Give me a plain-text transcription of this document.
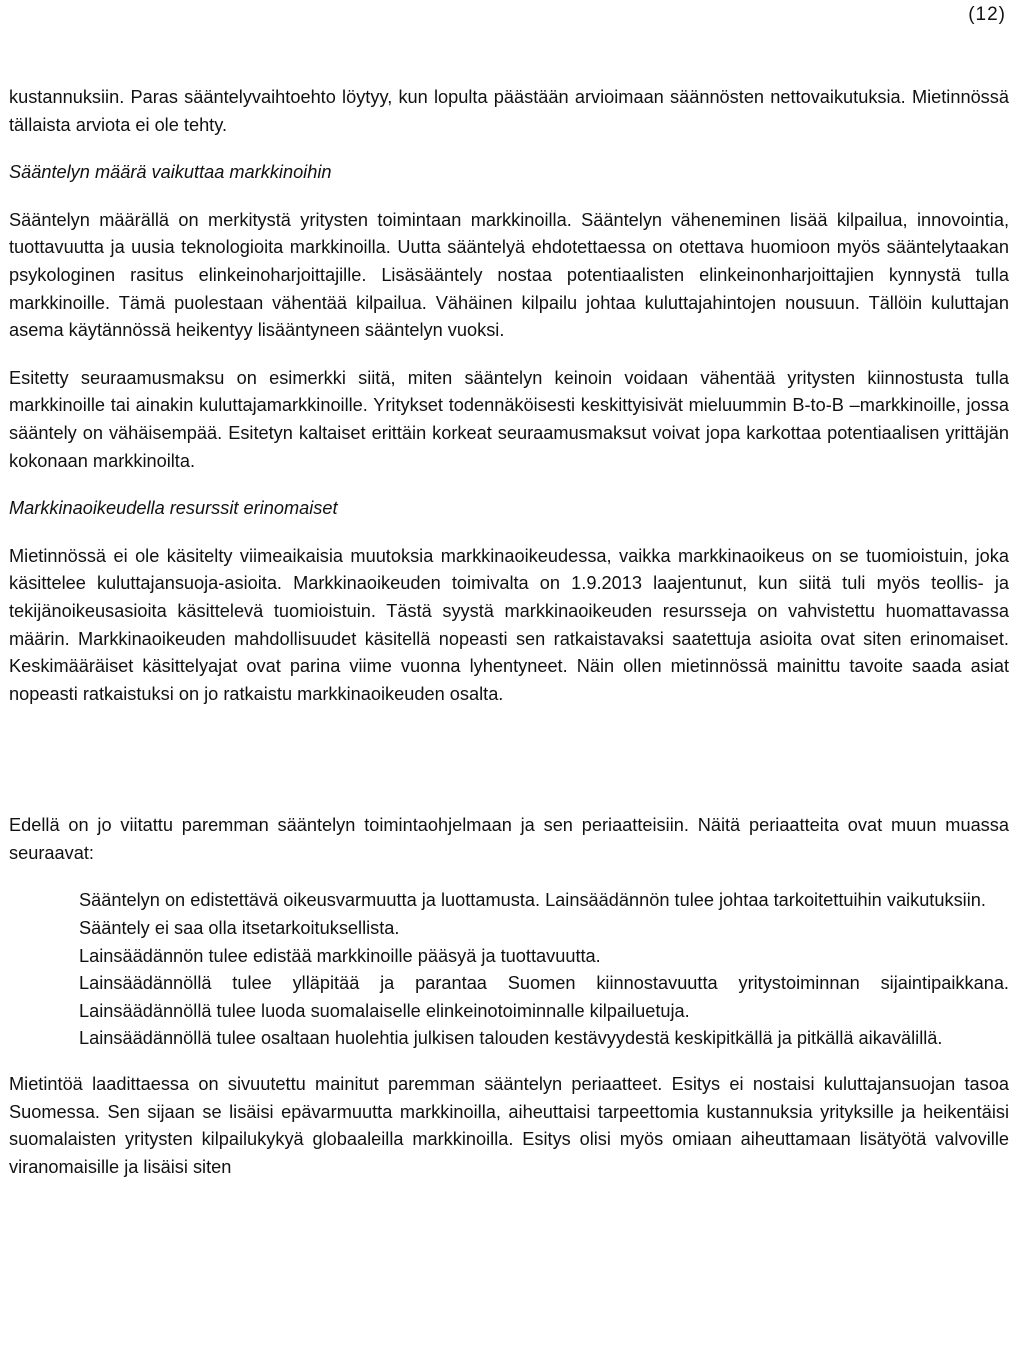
(12)

kustannuksiin. Paras sääntelyvaihtoehto löytyy, kun lopulta päästään arvioimaan säännösten nettovaikutuksia. Mietinnössä tällaista arviota ei ole tehty.

Sääntelyn määrä vaikuttaa markkinoihin

Sääntelyn määrällä on merkitystä yritysten toimintaan markkinoilla. Sääntelyn väheneminen lisää kilpailua, innovointia, tuottavuutta ja uusia teknologioita markkinoilla. Uutta sääntelyä ehdotettaessa on otettava huomioon myös sääntelytaakan psykologinen rasitus elinkeinoharjoittajille. Lisäsääntely nostaa potentiaalisten elinkeinonharjoittajien kynnystä tulla markkinoille. Tämä puolestaan vähentää kilpailua. Vähäinen kilpailu johtaa kuluttajahintojen nousuun. Tällöin kuluttajan asema käytännössä heikentyy lisääntyneen sääntelyn vuoksi.

Esitetty seuraamusmaksu on esimerkki siitä, miten sääntelyn keinoin voidaan vähentää yritysten kiinnostusta tulla markkinoille tai ainakin kuluttajamarkkinoille. Yritykset todennäköisesti keskittyisivät mieluummin B-to-B –markkinoille, jossa sääntely on vähäisempää. Esitetyn kaltaiset erittäin korkeat seuraamusmaksut voivat jopa karkottaa potentiaalisen yrittäjän kokonaan markkinoilta.

Markkinaoikeudella resurssit erinomaiset

Mietinnössä ei ole käsitelty viimeaikaisia muutoksia markkinaoikeudessa, vaikka markkinaoikeus on se tuomioistuin, joka käsittelee kuluttajansuoja-asioita. Markkinaoikeuden toimivalta on 1.9.2013 laajentunut, kun siitä tuli myös teollis- ja tekijänoikeusasioita käsittelevä tuomioistuin. Tästä syystä markkinaoikeuden resursseja on vahvistettu huomattavassa määrin. Markkinaoikeuden mahdollisuudet käsitellä nopeasti sen ratkaistavaksi saatettuja asioita ovat siten erinomaiset. Keskimääräiset käsittelyajat ovat parina viime vuonna lyhentyneet. Näin ollen mietinnössä mainittu tavoite saada asiat nopeasti ratkaistuksi on jo ratkaistu markkinaoikeuden osalta.

Edellä on jo viitattu paremman sääntelyn toimintaohjelmaan ja sen periaatteisiin. Näitä periaatteita ovat muun muassa seuraavat:

Sääntelyn on edistettävä oikeusvarmuutta ja luottamusta. Lainsäädännön tulee johtaa tarkoitettuihin vaikutuksiin.
Sääntely ei saa olla itsetarkoituksellista.
Lainsäädännön tulee edistää markkinoille pääsyä ja tuottavuutta.
Lainsäädännöllä tulee ylläpitää ja parantaa Suomen kiinnostavuutta yritystoiminnan sijaintipaikkana. Lainsäädännöllä tulee luoda suomalaiselle elinkeinotoiminnalle kilpailuetuja.
Lainsäädännöllä tulee osaltaan huolehtia julkisen talouden kestävyydestä keskipitkällä ja pitkällä aikavälillä.

Mietintöä laadittaessa on sivuutettu mainitut paremman sääntelyn periaatteet. Esitys ei nostaisi kuluttajansuojan tasoa Suomessa. Sen sijaan se lisäisi epävarmuutta markkinoilla, aiheuttaisi tarpeettomia kustannuksia yrityksille ja heikentäisi suomalaisten yritysten kilpailukykyä globaaleilla markkinoilla. Esitys olisi myös omiaan aiheuttamaan lisätyötä valvoville viranomaisille ja lisäisi siten
